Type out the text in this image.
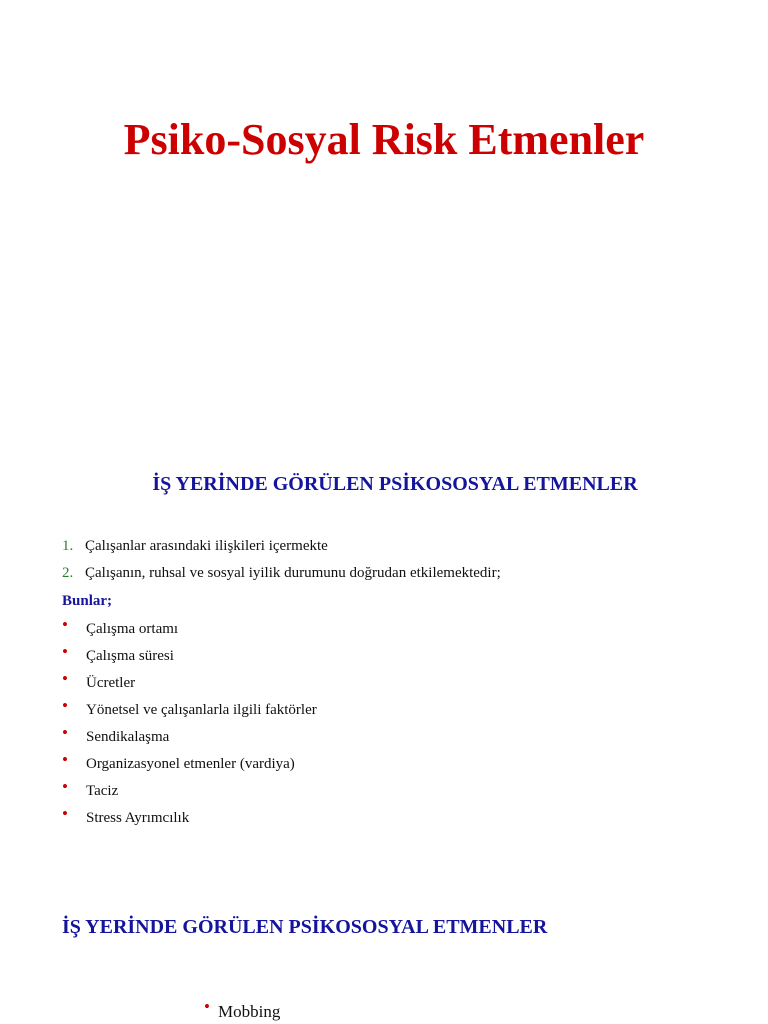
Psiko-Sosyal Risk Etmenler
İŞ YERİNDE GÖRÜLEN PSİKOSOSYAL ETMENLER
1. Çalışanlar arasındaki ilişkileri içermekte
2. Çalışanın, ruhsal ve sosyal iyilik durumunu doğrudan etkilemektedir;
Bunlar;
• Çalışma ortamı
• Çalışma süresi
• Ücretler
• Yönetsel ve çalışanlarla ilgili faktörler
• Sendikalaşma
• Organizasyonel etmenler (vardiya)
• Taciz
• Stress Ayrımcılık
İŞ YERİNDE GÖRÜLEN PSİKOSOSYAL ETMENLER
• Mobbing
